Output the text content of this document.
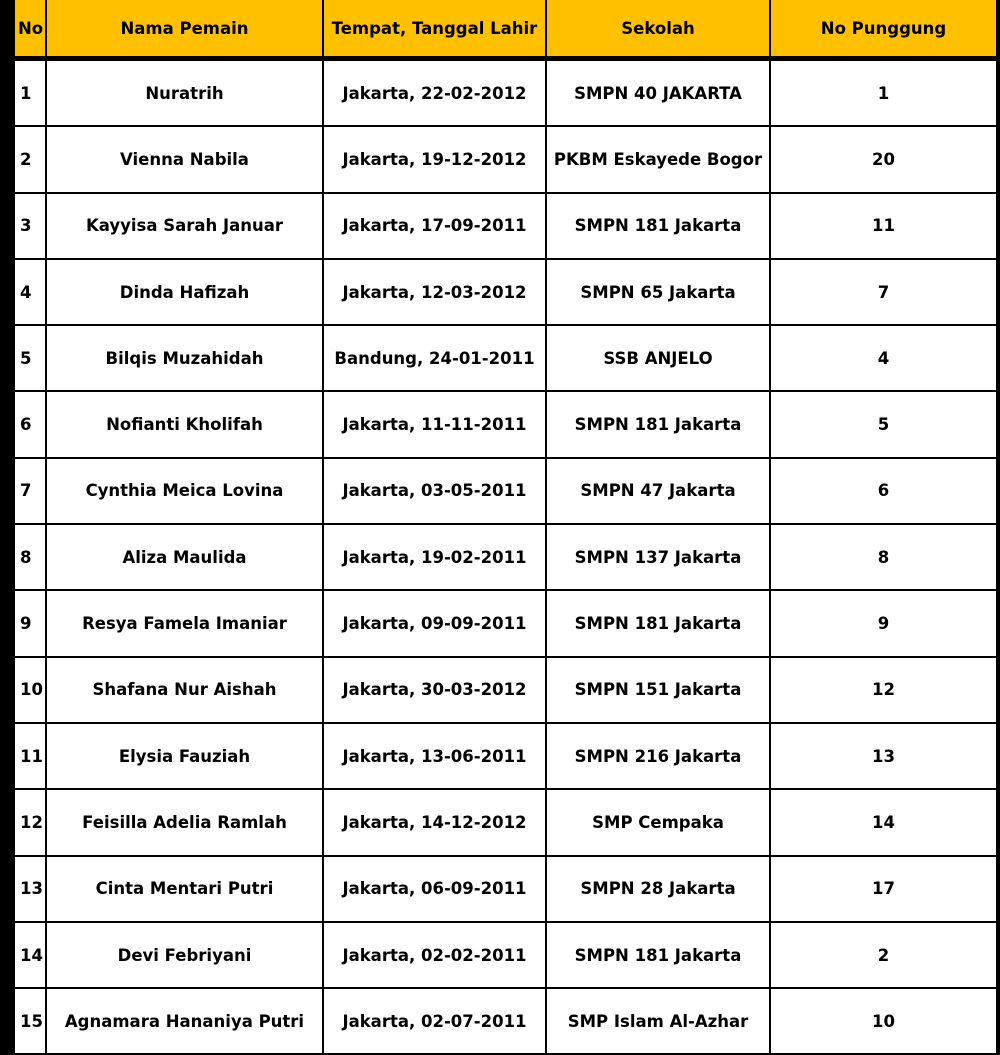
No	Nama Pemain	Tempat, Tanggal Lahir	Sekolah	No Punggung
1	Nuratrih	Jakarta, 22-02-2012	SMPN 40 JAKARTA	1
2	Vienna Nabila	Jakarta, 19-12-2012	PKBM Eskayede Bogor	20
3	Kayyisa Sarah Januar	Jakarta, 17-09-2011	SMPN 181 Jakarta	11
4	Dinda Hafizah	Jakarta, 12-03-2012	SMPN 65 Jakarta	7
5	Bilqis Muzahidah	Bandung, 24-01-2011	SSB ANJELO	4
6	Nofianti Kholifah	Jakarta, 11-11-2011	SMPN 181 Jakarta	5
7	Cynthia Meica Lovina	Jakarta, 03-05-2011	SMPN 47 Jakarta	6
8	Aliza Maulida	Jakarta, 19-02-2011	SMPN 137 Jakarta	8
9	Resya Famela Imaniar	Jakarta, 09-09-2011	SMPN 181 Jakarta	9
10	Shafana Nur Aishah	Jakarta, 30-03-2012	SMPN 151 Jakarta	12
11	Elysia Fauziah	Jakarta, 13-06-2011	SMPN 216 Jakarta	13
12	Feisilla Adelia Ramlah	Jakarta, 14-12-2012	SMP Cempaka	14
13	Cinta Mentari Putri	Jakarta, 06-09-2011	SMPN 28 Jakarta	17
14	Devi Febriyani	Jakarta, 02-02-2011	SMPN 181 Jakarta	2
15	Agnamara Hananiya Putri	Jakarta, 02-07-2011	SMP Islam Al-Azhar	10
